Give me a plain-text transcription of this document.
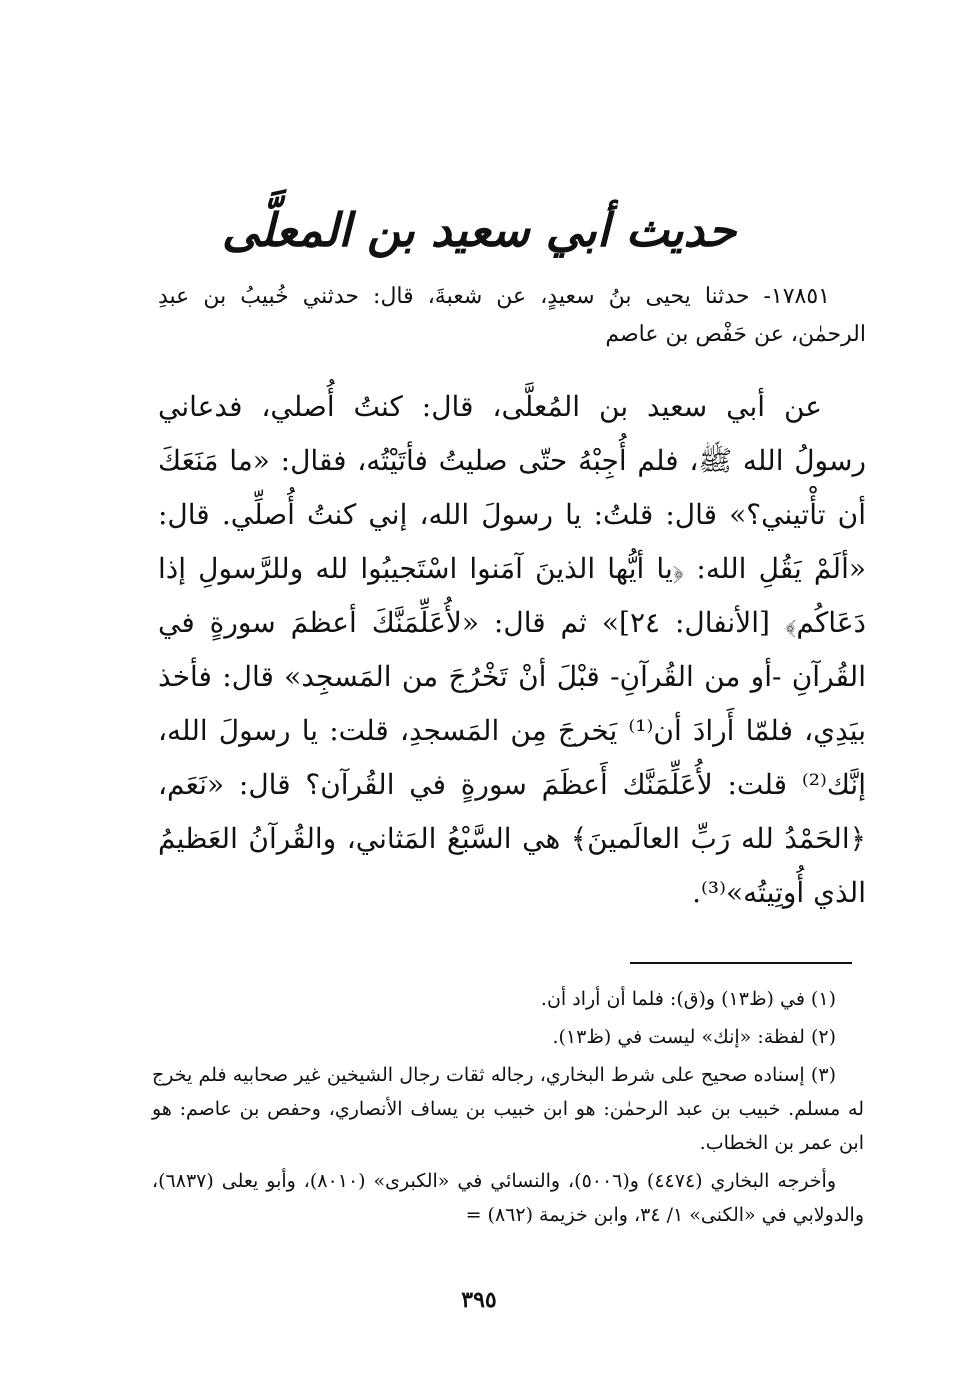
حديث أبي سعيد بن المعلَّى

١٧٨٥١- حدثنا يحيى بنُ سعيدٍ، عن شعبةَ، قال: حدثني خُبيبُ بن عبدِ الرحمٰن، عن حَفْص بن عاصم

عن أبي سعيد بن المُعلَّى، قال: كنتُ أُصلي، فدعاني رسولُ الله ﷺ، فلم أُجِبْهُ حتّى صليتُ فأتَيْتُه، فقال: «ما مَنَعَكَ أن تأْتيني؟» قال: قلتُ: يا رسولَ الله، إني كنتُ أُصلِّي. قال: «ألَمْ يَقُلِ الله: ﴿يا أيُّها الذينَ آمَنوا اسْتَجيبُوا لله وللرَّسولِ إذا دَعَاكُم﴾ [الأنفال: ٢٤]» ثم قال: «لأُعَلِّمَنَّكَ أعظمَ سورةٍ في القُرآنِ -أو من القُرآنِ- قبْلَ أنْ تَخْرُجَ من المَسجِد» قال: فأخذ بيَدِي، فلمّا أَرادَ أن⁽¹⁾ يَخرجَ مِن المَسجدِ، قلت: يا رسولَ الله، إنَّك⁽²⁾ قلت: لأُعَلِّمَنَّك أَعظَمَ سورةٍ في القُرآن؟ قال: «نَعَم، ﴿الحَمْدُ لله رَبِّ العالَمينَ﴾ هي السَّبْعُ المَثاني، والقُرآنُ العَظيمُ الذي أُوتِيتُه»⁽³⁾.

(١) في (ظ١٣) و(ق): فلما أن أراد أن.

(٢) لفظة: «إنك» ليست في (ظ١٣).

(٣) إسناده صحيح على شرط البخاري، رجاله ثقات رجال الشيخين غير صحابيه فلم يخرج له مسلم. خبيب بن عبد الرحمٰن: هو ابن خبيب بن يساف الأنصاري، وحفص بن عاصم: هو ابن عمر بن الخطاب.

وأخرجه البخاري (٤٤٧٤) و(٥٠٠٦)، والنسائي في «الكبرى» (٨٠١٠)، وأبو يعلى (٦٨٣٧)، والدولابي في «الكنى» ١/ ٣٤، وابن خزيمة (٨٦٢) =

٣٩٥
